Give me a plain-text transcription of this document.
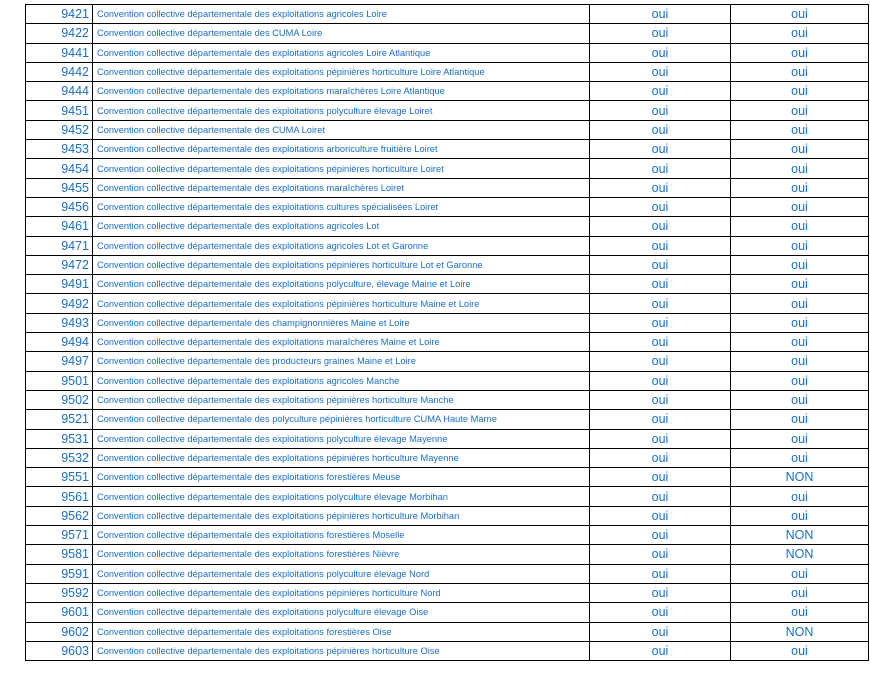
9421	Convention collective départementale des exploitations agricoles Loire	oui	oui
9422	Convention collective départementale des CUMA Loire	oui	oui
9441	Convention collective départementale des exploitations agricoles Loire Atlantique	oui	oui
9442	Convention collective départementale des exploitations pépinières horticulture Loire Atlantique	oui	oui
9444	Convention collective départementale des exploitations maraîchères Loire Atlantique	oui	oui
9451	Convention collective départementale des exploitations polyculture élevage Loiret	oui	oui
9452	Convention collective départementale des CUMA Loiret	oui	oui
9453	Convention collective départementale des exploitations arboriculture fruitière Loiret	oui	oui
9454	Convention collective départementale des exploitations pépinières horticulture Loiret	oui	oui
9455	Convention collective départementale des exploitations maraîchères Loiret	oui	oui
9456	Convention collective départementale des exploitations cultures spécialisées Loiret	oui	oui
9461	Convention collective départementale des exploitations agricoles Lot	oui	oui
9471	Convention collective départementale des exploitations agricoles Lot et Garonne	oui	oui
9472	Convention collective départementale des exploitations pépinières horticulture Lot et Garonne	oui	oui
9491	Convention collective départementale des exploitations polyculture, élevage Maine et Loire	oui	oui
9492	Convention collective départementale des exploitations pépinières horticulture Maine et Loire	oui	oui
9493	Convention collective départementale des champignonnières Maine et Loire	oui	oui
9494	Convention collective départementale des exploitations maraîchères Maine et Loire	oui	oui
9497	Convention collective départementale des producteurs graines Maine et Loire	oui	oui
9501	Convention collective départementale des exploitations agricoles Manche	oui	oui
9502	Convention collective départementale des exploitations pépinières horticulture Manche	oui	oui
9521	Convention collective départementale des polyculture pépinières horticulture CUMA Haute Marne	oui	oui
9531	Convention collective départementale des exploitations polyculture élevage Mayenne	oui	oui
9532	Convention collective départementale des exploitations pépinières horticulture Mayenne	oui	oui
9551	Convention collective départementale des exploitations forestières Meuse	oui	NON
9561	Convention collective départementale des exploitations polyculture élevage Morbihan	oui	oui
9562	Convention collective départementale des exploitations pépinières horticulture Morbihan	oui	oui
9571	Convention collective départementale des exploitations forestières Moselle	oui	NON
9581	Convention collective départementale des exploitations forestières Nièvre	oui	NON
9591	Convention collective départementale des exploitations polyculture élevage Nord	oui	oui
9592	Convention collective départementale des exploitations pépinières horticulture Nord	oui	oui
9601	Convention collective départementale des exploitations polyculture élevage Oise	oui	oui
9602	Convention collective départementale des exploitations forestières Oise	oui	NON
9603	Convention collective départementale des exploitations pépinières horticulture Oise	oui	oui
